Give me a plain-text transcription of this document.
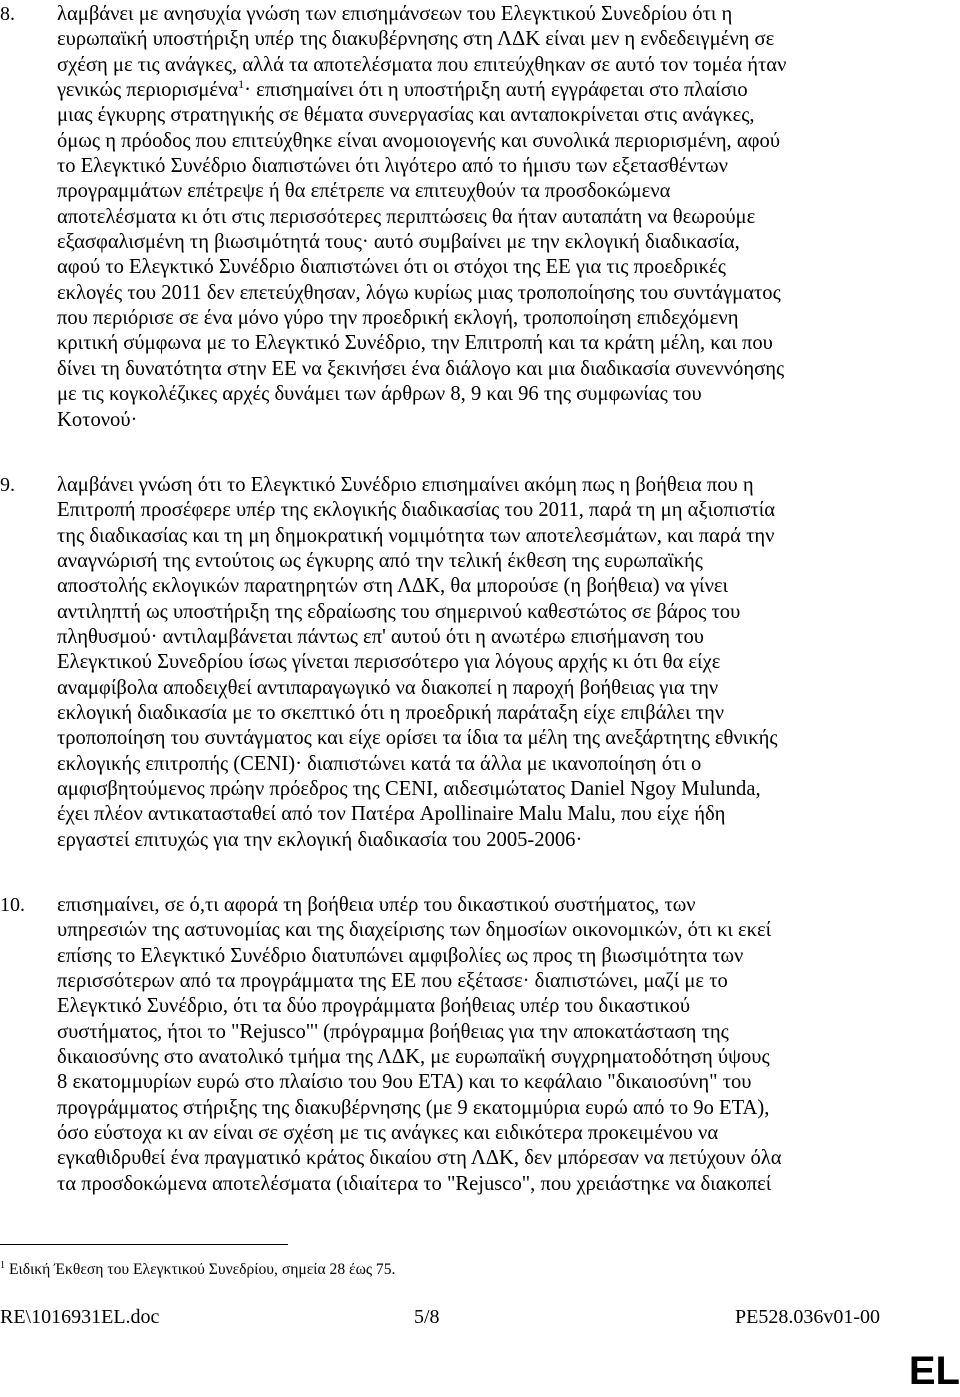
8. λαμβάνει με ανησυχία γνώση των επισημάνσεων του Ελεγκτικού Συνεδρίου ότι η
ευρωπαϊκή υποστήριξη υπέρ της διακυβέρνησης στη ΛΔΚ είναι μεν η ενδεδειγμένη σε
σχέση με τις ανάγκες, αλλά τα αποτελέσματα που επιτεύχθηκαν σε αυτό τον τομέα ήταν
γενικώς περιορισμένα$^1$· επισημαίνει ότι η υποστήριξη αυτή εγγράφεται στο πλαίσιο
μιας έγκυρης στρατηγικής σε θέματα συνεργασίας και ανταποκρίνεται στις ανάγκες,
όμως η πρόοδος που επιτεύχθηκε είναι ανομοιογενής και συνολικά περιορισμένη, αφού
το Ελεγκτικό Συνέδριο διαπιστώνει ότι λιγότερο από το ήμισυ των εξετασθέντων
προγραμμάτων επέτρεψε ή θα επέτρεπε να επιτευχθούν τα προσδοκώμενα
αποτελέσματα κι ότι στις περισσότερες περιπτώσεις θα ήταν αυταπάτη να θεωρούμε
εξασφαλισμένη τη βιωσιμότητά τους· αυτό συμβαίνει με την εκλογική διαδικασία,
αφού το Ελεγκτικό Συνέδριο διαπιστώνει ότι οι στόχοι της ΕΕ για τις προεδρικές
εκλογές του 2011 δεν επετεύχθησαν, λόγω κυρίως μιας τροποποίησης του συντάγματος
που περιόρισε σε ένα μόνο γύρο την προεδρική εκλογή, τροποποίηση επιδεχόμενη
κριτική σύμφωνα με το Ελεγκτικό Συνέδριο, την Επιτροπή και τα κράτη μέλη, και που
δίνει τη δυνατότητα στην ΕΕ να ξεκινήσει ένα διάλογο και μια διαδικασία συνεννόησης
με τις κογκολέζικες αρχές δυνάμει των άρθρων 8, 9 και 96 της συμφωνίας του
Κοτονού·
9. λαμβάνει γνώση ότι το Ελεγκτικό Συνέδριο επισημαίνει ακόμη πως η βοήθεια που η
Επιτροπή προσέφερε υπέρ της εκλογικής διαδικασίας του 2011, παρά τη μη αξιοπιστία
της διαδικασίας και τη μη δημοκρατική νομιμότητα των αποτελεσμάτων, και παρά την
αναγνώρισή της εντούτοις ως έγκυρης από την τελική έκθεση της ευρωπαϊκής
αποστολής εκλογικών παρατηρητών στη ΛΔΚ, θα μπορούσε (η βοήθεια) να γίνει
αντιληπτή ως υποστήριξη της εδραίωσης του σημερινού καθεστώτος σε βάρος του
πληθυσμού· αντιλαμβάνεται πάντως επ' αυτού ότι η ανωτέρω επισήμανση του
Ελεγκτικού Συνεδρίου ίσως γίνεται περισσότερο για λόγους αρχής κι ότι θα είχε
αναμφίβολα αποδειχθεί αντιπαραγωγικό να διακοπεί η παροχή βοήθειας για την
εκλογική διαδικασία με το σκεπτικό ότι η προεδρική παράταξη είχε επιβάλει την
τροποποίηση του συντάγματος και είχε ορίσει τα ίδια τα μέλη της ανεξάρτητης εθνικής
εκλογικής επιτροπής (CENI)· διαπιστώνει κατά τα άλλα με ικανοποίηση ότι ο
αμφισβητούμενος πρώην πρόεδρος της CENI, αιδεσιμώτατος Daniel Ngoy Mulunda,
έχει πλέον αντικατασταθεί από τον Πατέρα Apollinaire Malu Malu, που είχε ήδη
εργαστεί επιτυχώς για την εκλογική διαδικασία του 2005-2006·
10. επισημαίνει, σε ό,τι αφορά τη βοήθεια υπέρ του δικαστικού συστήματος, των
υπηρεσιών της αστυνομίας και της διαχείρισης των δημοσίων οικονομικών, ότι κι εκεί
επίσης το Ελεγκτικό Συνέδριο διατυπώνει αμφιβολίες ως προς τη βιωσιμότητα των
περισσότερων από τα προγράμματα της ΕΕ που εξέτασε· διαπιστώνει, μαζί με το
Ελεγκτικό Συνέδριο, ότι τα δύο προγράμματα βοήθειας υπέρ του δικαστικού
συστήματος, ήτοι το "Rejusco"' (πρόγραμμα βοήθειας για την αποκατάσταση της
δικαιοσύνης στο ανατολικό τμήμα της ΛΔΚ, με ευρωπαϊκή συγχρηματοδότηση ύψους
8 εκατομμυρίων ευρώ στο πλαίσιο του 9ου ΕΤΑ) και το κεφάλαιο "δικαιοσύνη" του
προγράμματος στήριξης της διακυβέρνησης (με 9 εκατομμύρια ευρώ από το 9ο ΕΤΑ),
όσο εύστοχα κι αν είναι σε σχέση με τις ανάγκες και ειδικότερα προκειμένου να
εγκαθιδρυθεί ένα πραγματικό κράτος δικαίου στη ΛΔΚ, δεν μπόρεσαν να πετύχουν όλα
τα προσδοκώμενα αποτελέσματα (ιδιαίτερα το "Rejusco", που χρειάστηκε να διακοπεί
$^1$ Ειδική Έκθεση του Ελεγκτικού Συνεδρίου, σημεία 28 έως 75.
RE\1016931EL.doc	5/8	PE528.036v01-00
EL
